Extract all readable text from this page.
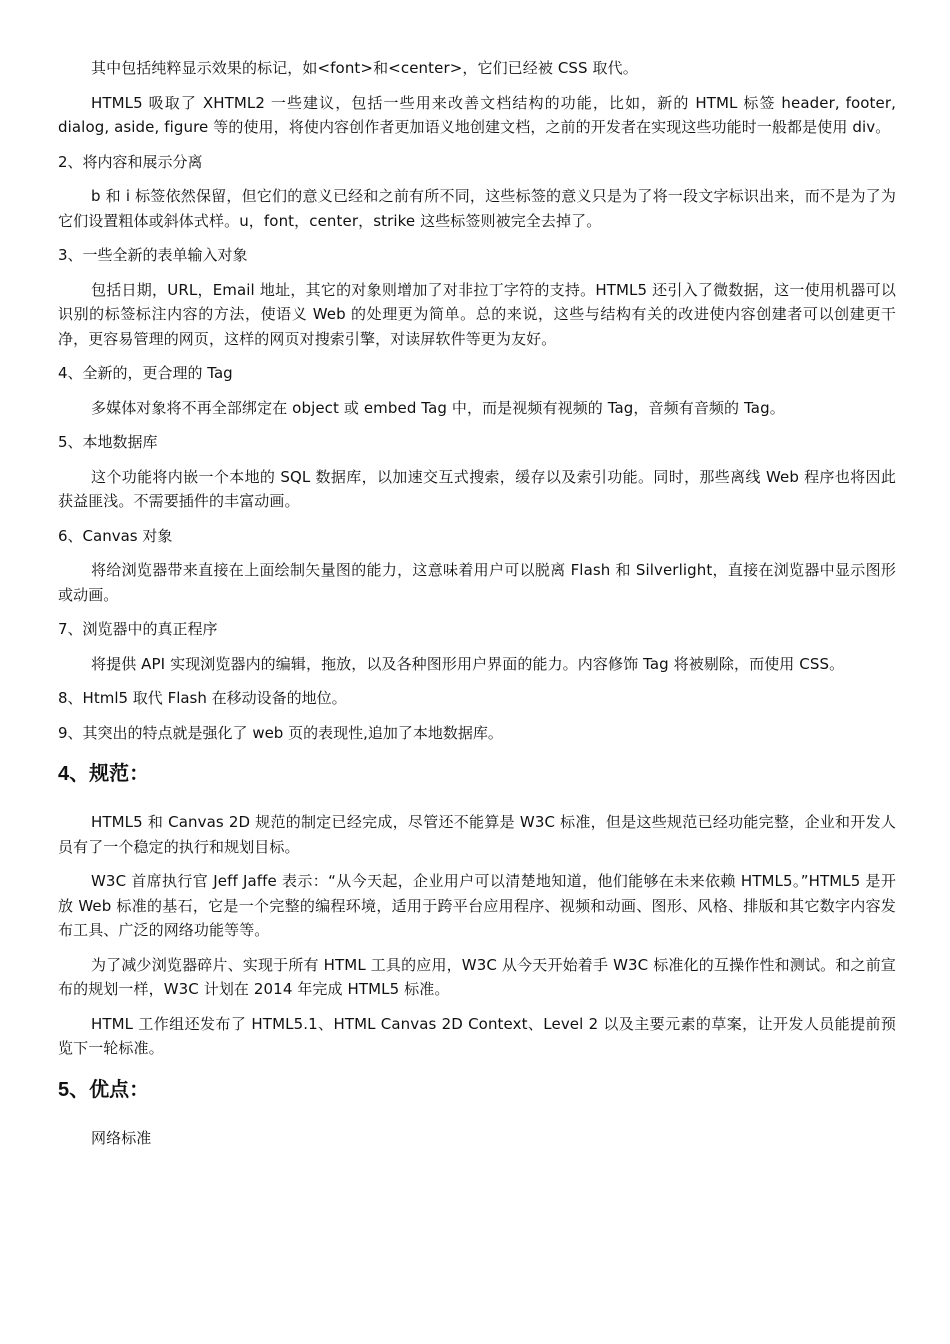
其中包括纯粹显示效果的标记，如<font>和<center>，它们已经被 CSS 取代。

HTML5 吸取了 XHTML2 一些建议，包括一些用来改善文档结构的功能，比如，新的 HTML 标签 header, footer, dialog, aside, figure 等的使用，将使内容创作者更加语义地创建文档，之前的开发者在实现这些功能时一般都是使用 div。

2、将内容和展示分离

b 和 i 标签依然保留，但它们的意义已经和之前有所不同，这些标签的意义只是为了将一段文字标识出来，而不是为了为它们设置粗体或斜体式样。u，font，center，strike 这些标签则被完全去掉了。

3、一些全新的表单输入对象

包括日期，URL，Email 地址，其它的对象则增加了对非拉丁字符的支持。HTML5 还引入了微数据，这一使用机器可以识别的标签标注内容的方法，使语义 Web 的处理更为简单。总的来说，这些与结构有关的改进使内容创建者可以创建更干净，更容易管理的网页，这样的网页对搜索引擎，对读屏软件等更为友好。

4、全新的，更合理的 Tag

多媒体对象将不再全部绑定在 object 或 embed Tag 中，而是视频有视频的 Tag，音频有音频的 Tag。

5、本地数据库

这个功能将内嵌一个本地的 SQL 数据库，以加速交互式搜索，缓存以及索引功能。同时，那些离线 Web 程序也将因此获益匪浅。不需要插件的丰富动画。

6、Canvas 对象

将给浏览器带来直接在上面绘制矢量图的能力，这意味着用户可以脱离 Flash 和 Silverlight，直接在浏览器中显示图形或动画。

7、浏览器中的真正程序

将提供 API 实现浏览器内的编辑，拖放，以及各种图形用户界面的能力。内容修饰 Tag 将被剔除，而使用 CSS。

8、Html5 取代 Flash 在移动设备的地位。

9、其突出的特点就是强化了 web 页的表现性,追加了本地数据库。

4、规范：

HTML5 和 Canvas 2D 规范的制定已经完成，尽管还不能算是 W3C 标准，但是这些规范已经功能完整，企业和开发人员有了一个稳定的执行和规划目标。

W3C 首席执行官 Jeff Jaffe 表示：“从今天起，企业用户可以清楚地知道，他们能够在未来依赖 HTML5。”HTML5 是开放 Web 标准的基石，它是一个完整的编程环境，适用于跨平台应用程序、视频和动画、图形、风格、排版和其它数字内容发布工具、广泛的网络功能等等。

为了减少浏览器碎片、实现于所有 HTML 工具的应用，W3C 从今天开始着手 W3C 标准化的互操作性和测试。和之前宣布的规划一样，W3C 计划在 2014 年完成 HTML5 标准。

HTML 工作组还发布了 HTML5.1、HTML Canvas 2D Context、Level 2 以及主要元素的草案，让开发人员能提前预览下一轮标准。

5、优点：

网络标准
